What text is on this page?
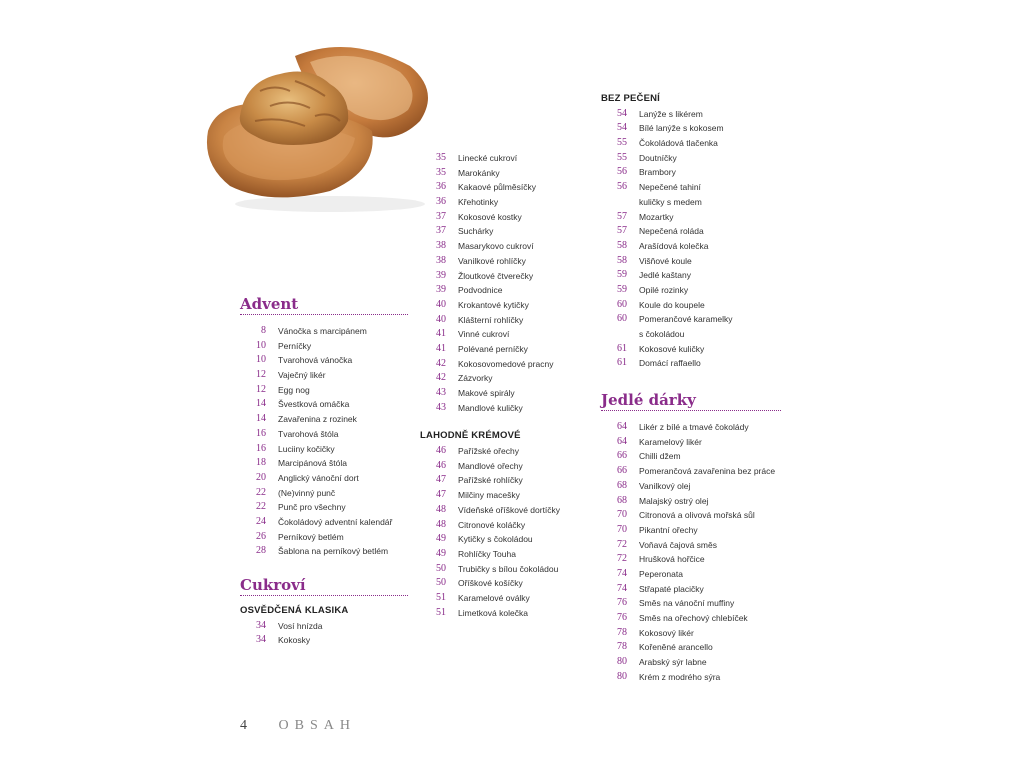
Advent
8	Vánočka s marcipánem
10	Perníčky
10	Tvarohová vánočka
12	Vaječný likér
12	Egg nog
14	Švestková omáčka
14	Zavařenina z rozinek
16	Tvarohová štóla
16	Luciiny kočičky
18	Marcipánová štóla
20	Anglický vánoční dort
22	(Ne)vinný punč
22	Punč pro všechny
24	Čokoládový adventní kalendář
26	Perníkový betlém
28	Šablona na perníkový betlém
Cukroví
OSVĚDČENÁ KLASIKA
34	Vosí hnízda
34	Kokosky
35	Linecké cukroví
35	Marokánky
36	Kakaové půlměsíčky
36	Křehotinky
37	Kokosové kostky
37	Suchárky
38	Masarykovo cukroví
38	Vanilkové rohlíčky
39	Žloutkové čtverečky
39	Podvodnice
40	Krokantové kytičky
40	Klášterní rohlíčky
41	Vinné cukroví
41	Polévané perníčky
42	Kokosovomedové pracny
42	Zázvorky
43	Makové spirály
43	Mandlové kuličky
LAHODNĚ KRÉMOVÉ
46	Pařížské ořechy
46	Mandlové ořechy
47	Pařížské rohlíčky
47	Milčiny macešky
48	Vídeňské oříškové dortíčky
48	Citronové koláčky
49	Kytičky s čokoládou
49	Rohlíčky Touha
50	Trubičky s bílou čokoládou
50	Oříškové košíčky
51	Karamelové oválky
51	Limetková kolečka
BEZ PEČENÍ
54	Lanýže s likérem
54	Bílé lanýže s kokosem
55	Čokoládová tlačenka
55	Doutníčky
56	Brambory
56	Nepečené tahiní
kuličky s medem
57	Mozartky
57	Nepečená roláda
58	Arašídová kolečka
58	Višňové koule
59	Jedlé kaštany
59	Opilé rozinky
60	Koule do koupele
60	Pomerančové karamelky
s čokoládou
61	Kokosové kuličky
61	Domácí raffaello
Jedlé dárky
64	Likér z bílé a tmavé čokolády
64	Karamelový likér
66	Chilli džem
66	Pomerančová zavařenina bez práce
68	Vanilkový olej
68	Malajský ostrý olej
70	Citronová a olivová mořská sůl
70	Pikantní ořechy
72	Voňavá čajová směs
72	Hrušková hořčice
74	Peperonata
74	Střapaté placičky
76	Směs na vánoční muffiny
76	Směs na ořechový chlebíček
78	Kokosový likér
78	Kořeněné arancello
80	Arabský sýr labne
80	Krém z modrého sýra
4 OBSAH
